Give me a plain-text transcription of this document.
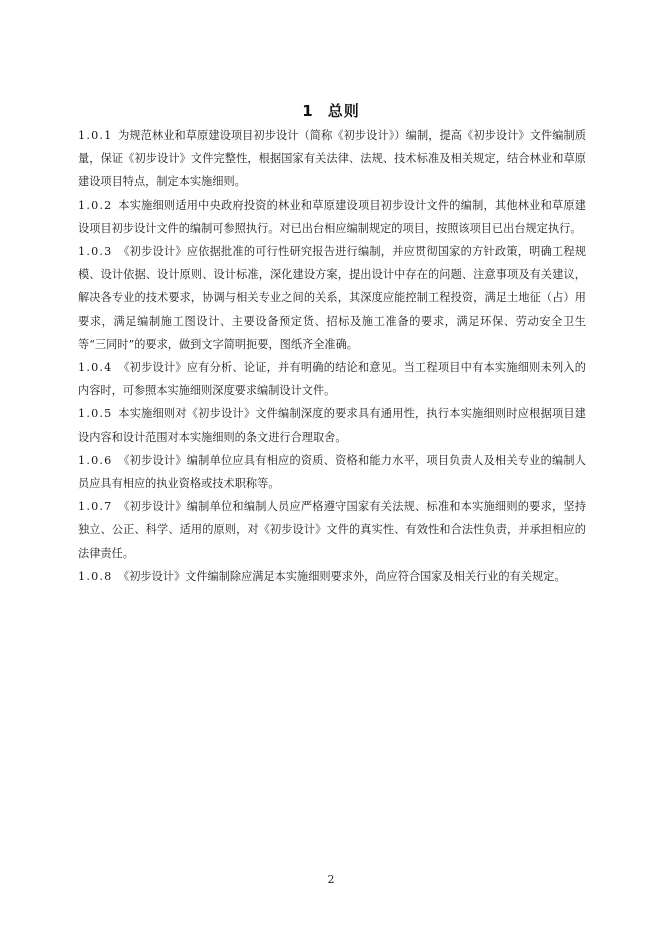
1 总则

1.0.1 为规范林业和草原建设项目初步设计（简称《初步设计》）编制，提高《初步设计》文件编制质量，保证《初步设计》文件完整性，根据国家有关法律、法规、技术标准及相关规定，结合林业和草原建设项目特点，制定本实施细则。

1.0.2 本实施细则适用中央政府投资的林业和草原建设项目初步设计文件的编制，其他林业和草原建设项目初步设计文件的编制可参照执行。对已出台相应编制规定的项目，按照该项目已出台规定执行。

1.0.3 《初步设计》应依据批准的可行性研究报告进行编制，并应贯彻国家的方针政策，明确工程规模、设计依据、设计原则、设计标准，深化建设方案，提出设计中存在的问题、注意事项及有关建议，解决各专业的技术要求，协调与相关专业之间的关系，其深度应能控制工程投资，满足土地征（占）用要求，满足编制施工图设计、主要设备预定货、招标及施工准备的要求，满足环保、劳动安全卫生等“三同时”的要求，做到文字简明扼要，图纸齐全准确。

1.0.4 《初步设计》应有分析、论证，并有明确的结论和意见。当工程项目中有本实施细则未列入的内容时，可参照本实施细则深度要求编制设计文件。

1.0.5 本实施细则对《初步设计》文件编制深度的要求具有通用性，执行本实施细则时应根据项目建设内容和设计范围对本实施细则的条文进行合理取舍。

1.0.6 《初步设计》编制单位应具有相应的资质、资格和能力水平，项目负责人及相关专业的编制人员应具有相应的执业资格或技术职称等。

1.0.7 《初步设计》编制单位和编制人员应严格遵守国家有关法规、标准和本实施细则的要求，坚持独立、公正、科学、适用的原则，对《初步设计》文件的真实性、有效性和合法性负责，并承担相应的法律责任。

1.0.8 《初步设计》文件编制除应满足本实施细则要求外，尚应符合国家及相关行业的有关规定。

2
